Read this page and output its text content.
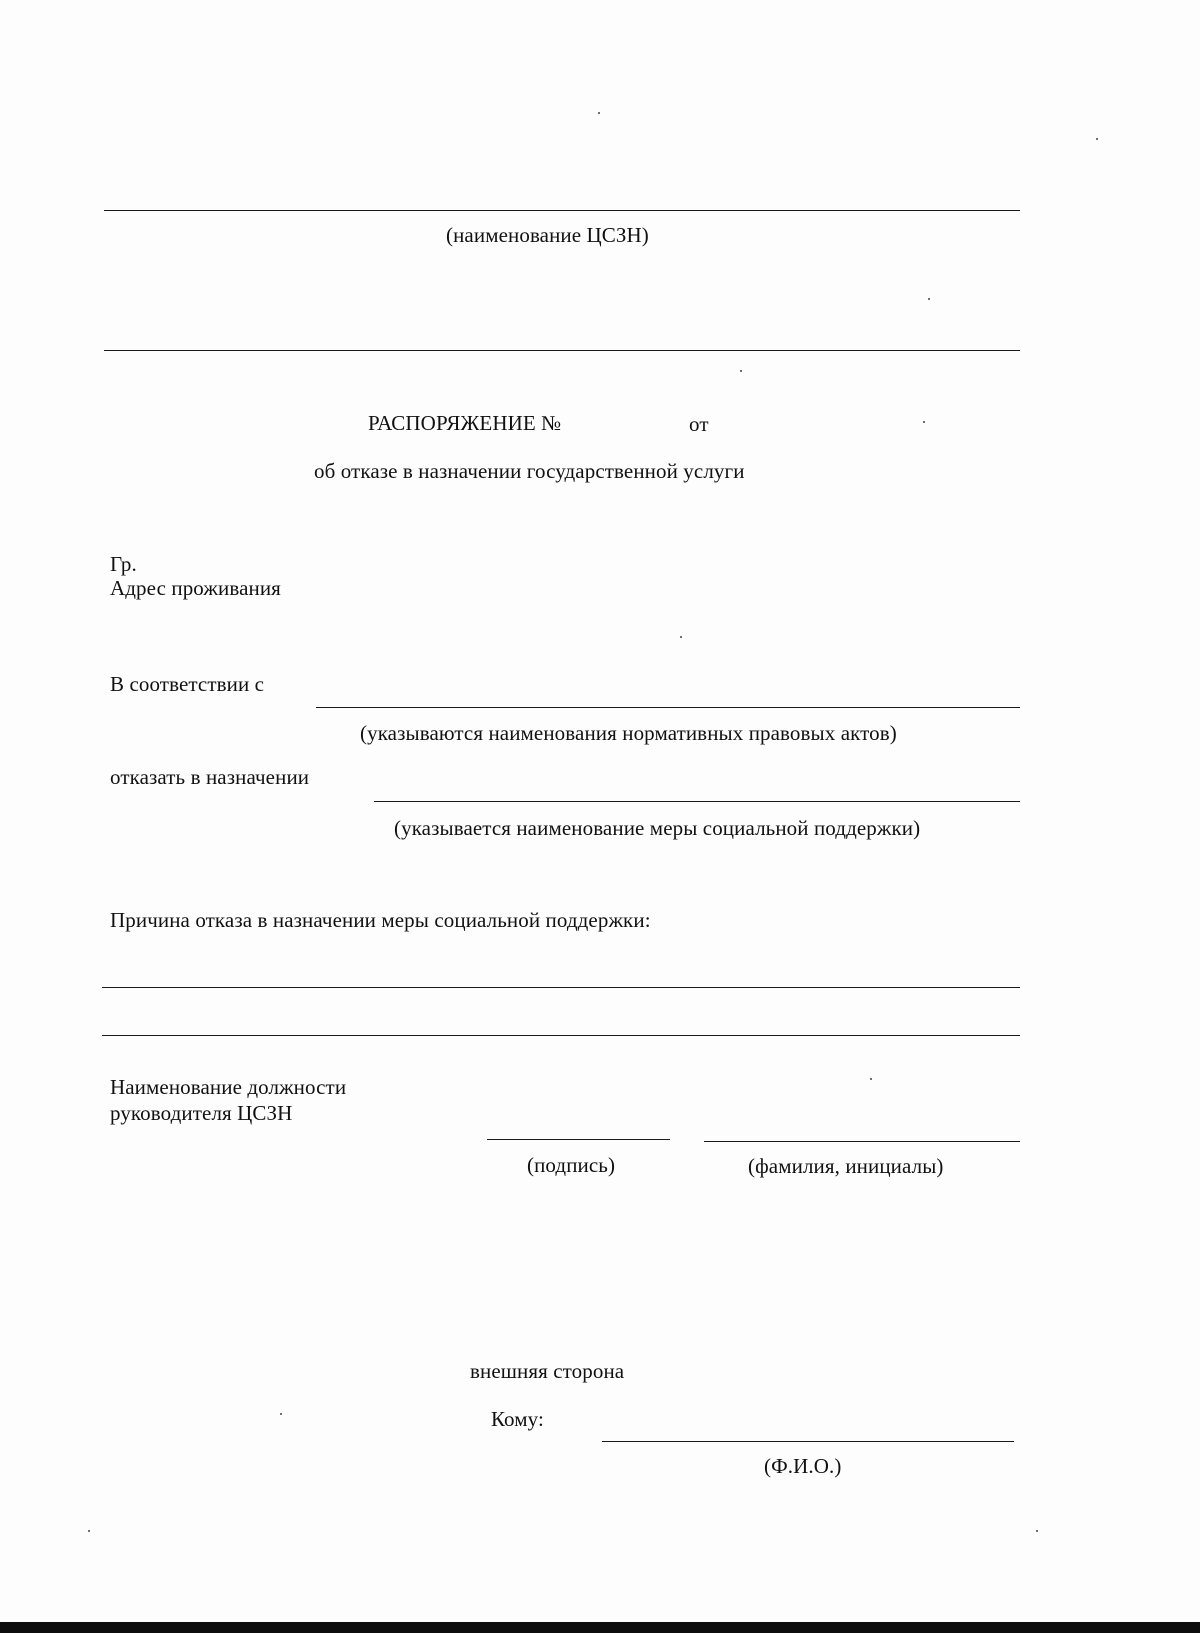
(наименование ЦСЗН)
РАСПОРЯЖЕНИЕ №	от
об отказе в назначении государственной услуги
Гр.
Адрес проживания
В соответствии с
(указываются наименования нормативных правовых актов)
отказать в назначении
(указывается наименование меры социальной поддержки)
Причина отказа в назначении меры социальной поддержки:
Наименование должности
руководителя ЦСЗН
(подпись)	(фамилия, инициалы)
внешняя сторона
Кому:
(Ф.И.О.)
